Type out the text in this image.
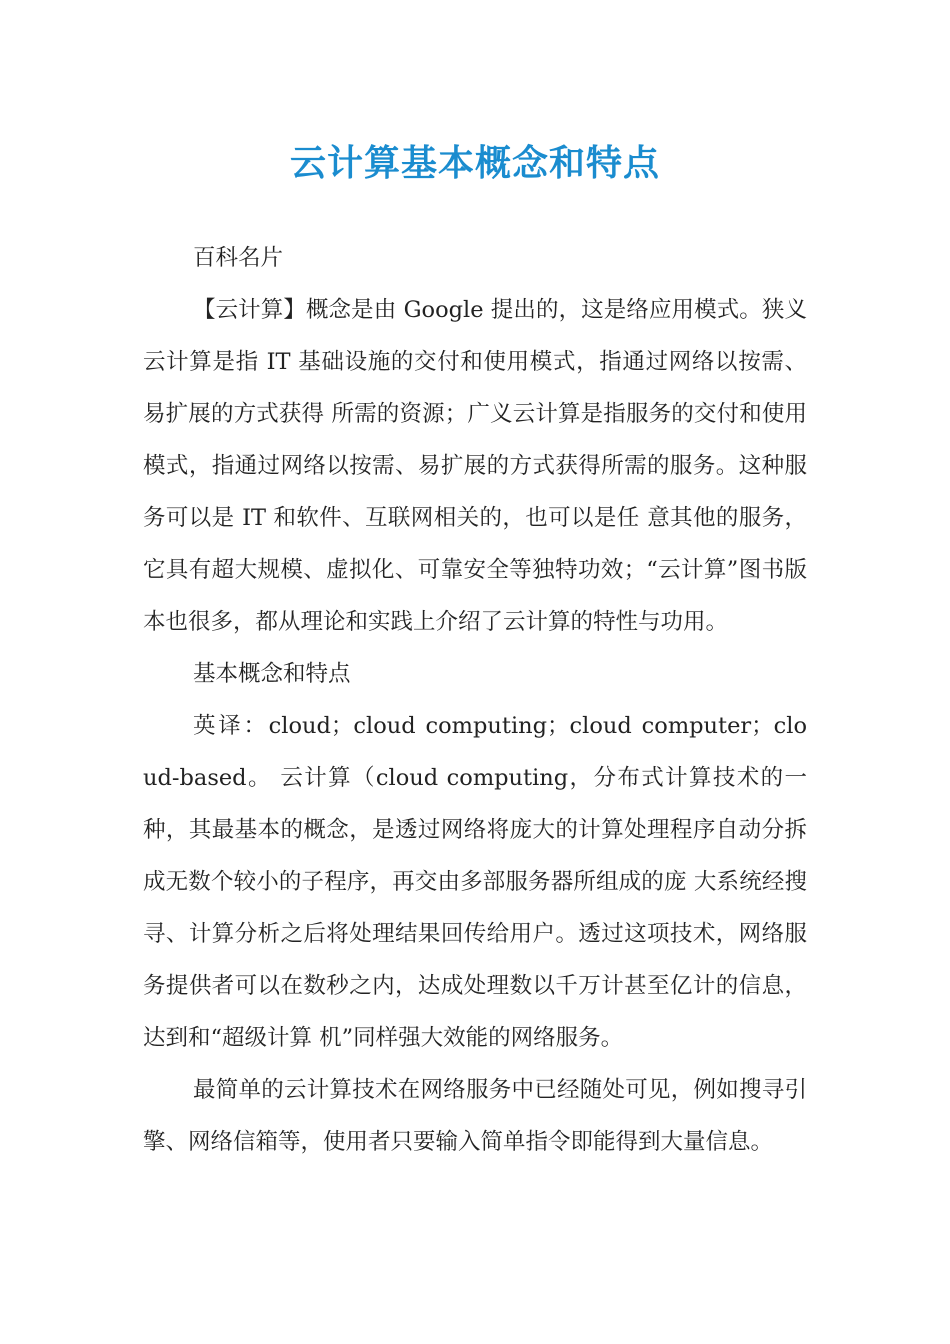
云计算基本概念和特点

百科名片

【云计算】概念是由 Google 提出的，这是络应用模式。狭义云计算是指 IT 基础设施的交付和使用模式，指通过网络以按需、易扩展的方式获得 所需的资源；广义云计算是指服务的交付和使用模式，指通过网络以按需、易扩展的方式获得所需的服务。这种服务可以是 IT 和软件、互联网相关的，也可以是任 意其他的服务，它具有超大规模、虚拟化、可靠安全等独特功效；“云计算”图书版本也很多，都从理论和实践上介绍了云计算的特性与功用。

基本概念和特点

英译：cloud；cloud computing；cloud computer；cloud-based。 云计算（cloud computing，分布式计算技术的一种，其最基本的概念，是透过网络将庞大的计算处理程序自动分拆成无数个较小的子程序，再交由多部服务器所组成的庞 大系统经搜寻、计算分析之后将处理结果回传给用户。透过这项技术，网络服务提供者可以在数秒之内，达成处理数以千万计甚至亿计的信息，达到和“超级计算 机”同样强大效能的网络服务。

最简单的云计算技术在网络服务中已经随处可见，例如搜寻引擎、网络信箱等，使用者只要输入简单指令即能得到大量信息。
